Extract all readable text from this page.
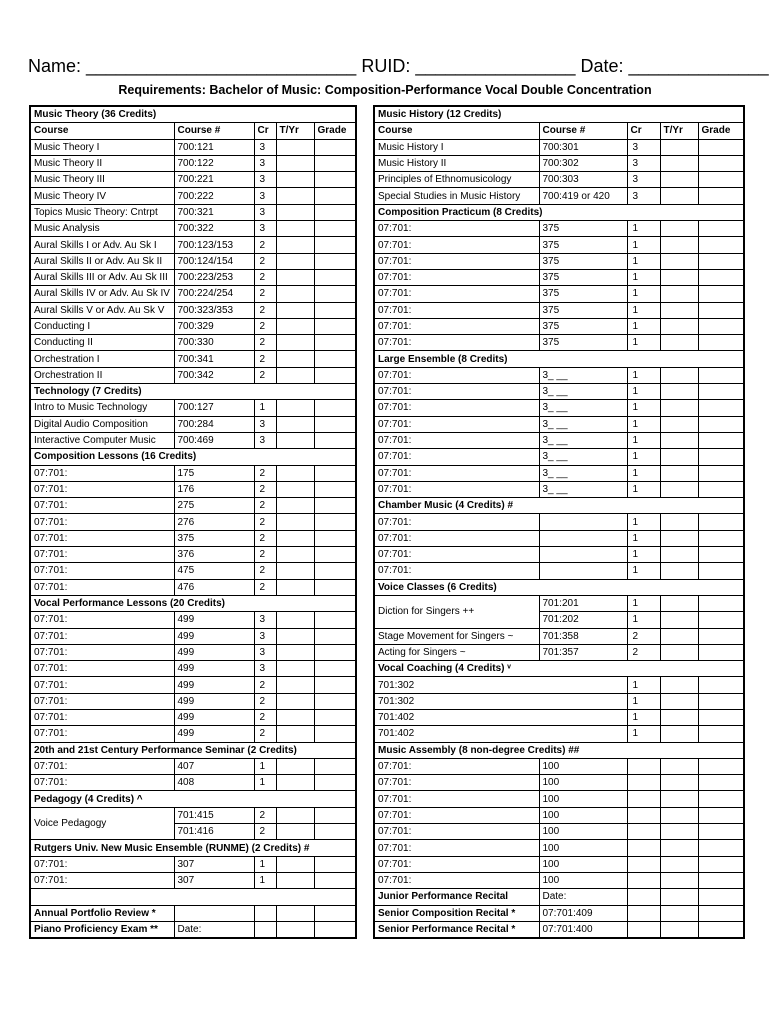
Name: ___________________________ RUID: ________________ Date: ______________
Requirements: Bachelor of Music: Composition-Performance Vocal Double Concentration
Music Theory (36 Credits)				
Course	Course #	Cr	T/Yr	Grade
Music Theory I	700:121	3		
Music Theory II	700:122	3		
Music Theory III	700:221	3		
Music Theory IV	700:222	3		
Topics Music Theory: Cntrpt	700:321	3		
Music Analysis	700:322	3		
Aural Skills I or Adv. Au Sk I	700:123/153	2		
Aural Skills II or Adv. Au Sk II	700:124/154	2		
Aural Skills III or Adv. Au Sk III	700:223/253	2		
Aural Skills IV or Adv. Au Sk IV	700:224/254	2		
Aural Skills V or Adv. Au Sk V	700:323/353	2		
Conducting I	700:329	2		
Conducting II	700:330	2		
Orchestration I	700:341	2		
Orchestration II	700:342	2		
Technology (7 Credits)				
Intro to Music Technology	700:127	1		
Digital Audio Composition	700:284	3		
Interactive Computer Music	700:469	3		
Composition Lessons (16 Credits)				
07:701:	175	2		
07:701:	176	2		
07:701:	275	2		
07:701:	276	2		
07:701:	375	2		
07:701:	376	2		
07:701:	475	2		
07:701:	476	2		
Vocal Performance Lessons (20 Credits)				
07:701:	499	3		
07:701:	499	3		
07:701:	499	3		
07:701:	499	3		
07:701:	499	2		
07:701:	499	2		
07:701:	499	2		
07:701:	499	2		
20th and 21st Century Performance Seminar (2 Credits)				
07:701:	407	1		
07:701:	408	1		
Pedagogy (4 Credits) ^				
Voice Pedagogy	701:415	2		
	701:416	2		
Rutgers Univ. New Music Ensemble (RUNME) (2 Credits) #				
07:701:	307	1		
07:701:	307	1		

Annual Portfolio Review *				
Piano Proficiency Exam **	Date:			
Music History (12 Credits)				
Course	Course #	Cr	T/Yr	Grade
Music History I	700:301	3		
Music History II	700:302	3		
Principles of Ethnomusicology	700:303	3		
Special Studies in Music History	700:419 or 420	3		
Composition Practicum (8 Credits)				
07:701:	375	1		
07:701:	375	1		
07:701:	375	1		
07:701:	375	1		
07:701:	375	1		
07:701:	375	1		
07:701:	375	1		
07:701:	375	1		
Large Ensemble (8 Credits)				
07:701:	3_ __	1		
07:701:	3_ __	1		
07:701:	3_ __	1		
07:701:	3_ __	1		
07:701:	3_ __	1		
07:701:	3_ __	1		
07:701:	3_ __	1		
07:701:	3_ __	1		
Chamber Music (4 Credits) #				
07:701:		1		
07:701:		1		
07:701:		1		
07:701:		1		
Voice Classes (6 Credits)				
Diction for Singers ++	701:201	1		
	701:202	1		
Stage Movement for Singers ~	701:358	2		
Acting for Singers ~	701:357	2		
Vocal Coaching (4 Credits) ᵛ				
701:302		1		
701:302		1		
701:402		1		
701:402		1		
Music Assembly (8 non-degree Credits) ##				
07:701:	100			
07:701:	100			
07:701:	100			
07:701:	100			
07:701:	100			
07:701:	100			
07:701:	100			
07:701:	100			
Junior Performance Recital	Date:			
Senior Composition Recital *	07:701:409			
Senior Performance Recital *	07:701:400			
